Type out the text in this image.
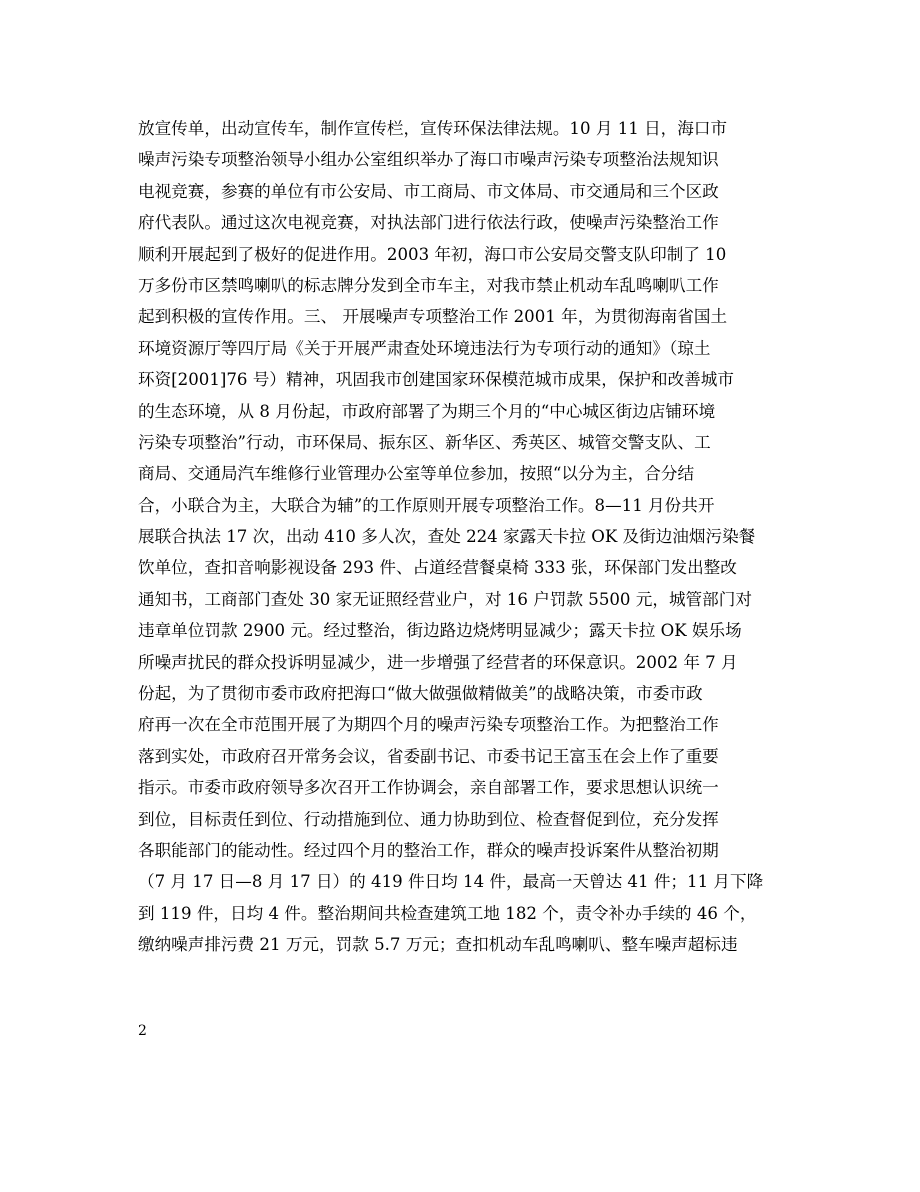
放宣传单，出动宣传车，制作宣传栏，宣传环保法律法规。10 月 11 日，海口市
噪声污染专项整治领导小组办公室组织举办了海口市噪声污染专项整治法规知识
电视竞赛，参赛的单位有市公安局、市工商局、市文体局、市交通局和三个区政
府代表队。通过这次电视竞赛，对执法部门进行依法行政，使噪声污染整治工作
顺利开展起到了极好的促进作用。2003 年初，海口市公安局交警支队印制了 10
万多份市区禁鸣喇叭的标志牌分发到全市车主，对我市禁止机动车乱鸣喇叭工作
起到积极的宣传作用。三、 开展噪声专项整治工作 2001 年，为贯彻海南省国土
环境资源厅等四厅局《关于开展严肃查处环境违法行为专项行动的通知》（琼土
环资[2001]76 号）精神，巩固我市创建国家环保模范城市成果，保护和改善城市
的生态环境，从 8 月份起，市政府部署了为期三个月的“中心城区街边店铺环境
污染专项整治”行动，市环保局、振东区、新华区、秀英区、城管交警支队、工
商局、交通局汽车维修行业管理办公室等单位参加，按照“以分为主，合分结
合，小联合为主，大联合为辅”的工作原则开展专项整治工作。8—11 月份共开
展联合执法 17 次，出动 410 多人次，查处 224 家露天卡拉 OK 及街边油烟污染餐
饮单位，查扣音响影视设备 293 件、占道经营餐桌椅 333 张，环保部门发出整改
通知书，工商部门查处 30 家无证照经营业户，对 16 户罚款 5500 元，城管部门对
违章单位罚款 2900 元。经过整治，街边路边烧烤明显减少；露天卡拉 OK 娱乐场
所噪声扰民的群众投诉明显减少，进一步增强了经营者的环保意识。2002 年 7 月
份起，为了贯彻市委市政府把海口“做大做强做精做美”的战略决策，市委市政
府再一次在全市范围开展了为期四个月的噪声污染专项整治工作。为把整治工作
落到实处，市政府召开常务会议，省委副书记、市委书记王富玉在会上作了重要
指示。市委市政府领导多次召开工作协调会，亲自部署工作，要求思想认识统一
到位，目标责任到位、行动措施到位、通力协助到位、检查督促到位，充分发挥
各职能部门的能动性。经过四个月的整治工作，群众的噪声投诉案件从整治初期
（7 月 17 日—8 月 17 日）的 419 件日均 14 件，最高一天曾达 41 件；11 月下降
到 119 件，日均 4 件。整治期间共检查建筑工地 182 个，责令补办手续的 46 个，
缴纳噪声排污费 21 万元，罚款 5.7 万元；查扣机动车乱鸣喇叭、整车噪声超标违
2
